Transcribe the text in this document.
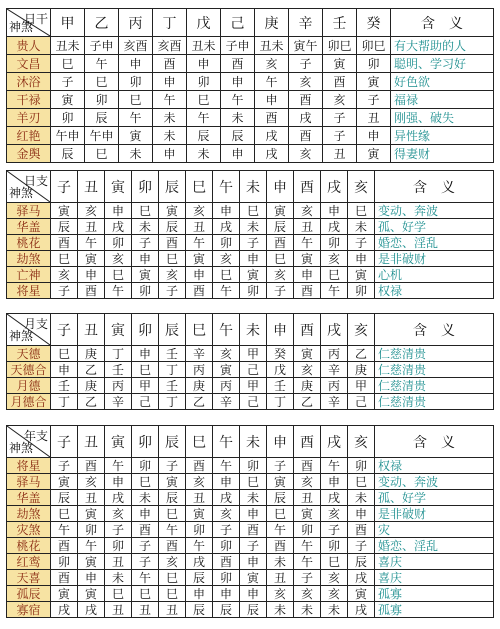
日干
神煞	甲	乙	丙	丁	戊	己	庚	辛	壬	癸	含　义
贵人	丑未	子申	亥酉	亥酉	丑未	子申	丑未	寅午	卯巳	卯巳	有大帮助的人
文昌	巳	午	申	酉	申	酉	亥	子	寅	卯	聪明、学习好
沐浴	子	巳	卯	申	卯	申	午	亥	酉	寅	好色欲
干禄	寅	卯	巳	午	巳	午	申	酉	亥	子	福禄
羊刃	卯	辰	午	未	午	未	酉	戌	子	丑	刚强、破失
红艳	午申	午申	寅	未	辰	辰	戌	酉	子	申	异性缘
金舆	辰	巳	未	申	未	申	戌	亥	丑	寅	得妻财
日支
神煞	子	丑	寅	卯	辰	巳	午	未	申	酉	戌	亥	含　义
驿马	寅	亥	申	巳	寅	亥	申	巳	寅	亥	申	巳	变动、奔波
华盖	辰	丑	戌	未	辰	丑	戌	未	辰	丑	戌	未	孤、好学
桃花	酉	午	卯	子	酉	午	卯	子	酉	午	卯	子	婚恋、淫乱
劫煞	巳	寅	亥	申	巳	寅	亥	申	巳	寅	亥	申	是非破财
亡神	亥	申	巳	寅	亥	申	巳	寅	亥	申	巳	寅	心机
将星	子	酉	午	卯	子	酉	午	卯	子	酉	午	卯	权禄
月支
神煞	子	丑	寅	卯	辰	巳	午	未	申	酉	戌	亥	含　义
天德	巳	庚	丁	申	壬	辛	亥	甲	癸	寅	丙	乙	仁慈清贵
天德合	申	乙	壬	巳	丁	丙	寅	己	戊	亥	辛	庚	仁慈清贵
月德	壬	庚	丙	甲	壬	庚	丙	甲	壬	庚	丙	甲	仁慈清贵
月德合	丁	乙	辛	己	丁	乙	辛	己	丁	乙	辛	己	仁慈清贵
年支
神煞	子	丑	寅	卯	辰	巳	午	未	申	酉	戌	亥	含　义
将星	子	酉	午	卯	子	酉	午	卯	子	酉	午	卯	权禄
驿马	寅	亥	申	巳	寅	亥	申	巳	寅	亥	申	巳	变动、奔波
华盖	辰	丑	戌	未	辰	丑	戌	未	辰	丑	戌	未	孤、好学
劫煞	巳	寅	亥	申	巳	寅	亥	申	巳	寅	亥	申	是非破财
灾煞	午	卯	子	酉	午	卯	子	酉	午	卯	子	酉	灾
桃花	酉	午	卯	子	酉	午	卯	子	酉	午	卯	子	婚恋、淫乱
红鸾	卯	寅	丑	子	亥	戌	酉	申	未	午	巳	辰	喜庆
天喜	酉	申	未	午	巳	辰	卯	寅	丑	子	亥	戌	喜庆
孤辰	寅	寅	巳	巳	巳	申	申	申	亥	亥	亥	寅	孤寡
寡宿	戌	戌	丑	丑	丑	辰	辰	辰	未	未	未	戌	孤寡
